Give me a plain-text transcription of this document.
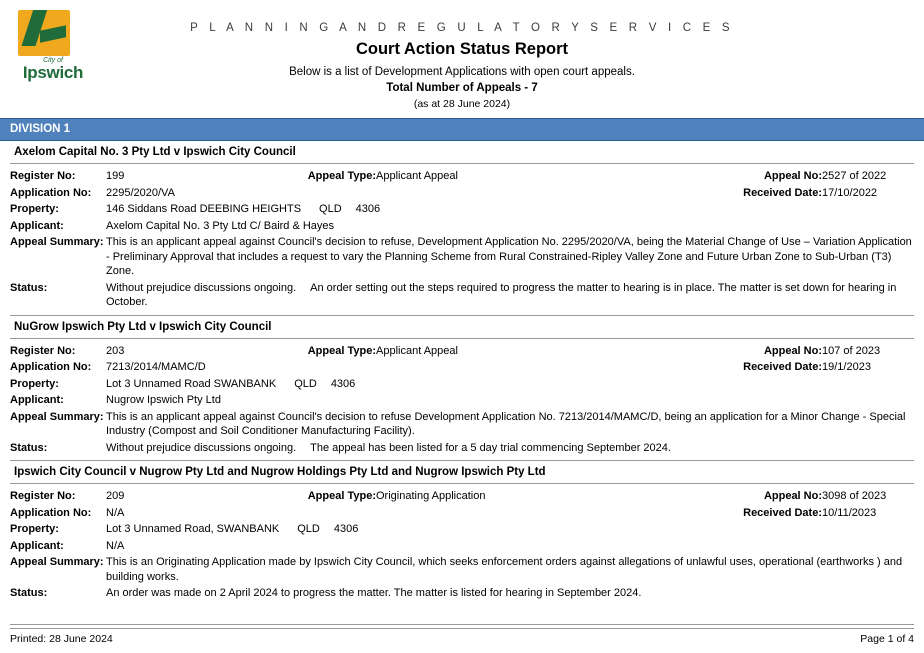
City of
Ipswich
P L A N N I N G A N D R E G U L A T O R Y S E R V I C E S
Court Action Status Report
Below is a list of Development Applications with open court appeals.
Total Number of Appeals - 7
(as at 28 June 2024)
DIVISION 1
Axelom Capital No. 3 Pty Ltd v Ipswich City Council
Register No:	199	Appeal Type:	Applicant Appeal	Appeal No:	2527 of 2022
Application No:	2295/2020/VA			Received Date:	17/10/2022
Property:	146 Siddans Road DEEBING HEIGHTS QLD 4306				
Applicant:	Axelom Capital No. 3 Pty Ltd C/ Baird & Hayes				
Appeal Summary:	This is an applicant appeal against Council's decision to refuse, Development Application No. 2295/2020/VA, being the Material Change of Use – Variation Application - Preliminary Approval that includes a request to vary the Planning Scheme from Rural Constrained-Ripley Valley Zone and Future Urban Zone to Sub-Urban (T3) Zone.				
Status:	Without prejudice discussions ongoing. An order setting out the steps required to progress the matter to hearing is in place. The matter is set down for hearing in October.				
NuGrow Ipswich Pty Ltd v Ipswich City Council
Register No:	203	Appeal Type:	Applicant Appeal	Appeal No:	107 of 2023
Application No:	7213/2014/MAMC/D			Received Date:	19/1/2023
Property:	Lot 3 Unnamed Road SWANBANK QLD 4306				
Applicant:	Nugrow Ipswich Pty Ltd				
Appeal Summary:	This is an applicant appeal against Council's decision to refuse Development Application No. 7213/2014/MAMC/D, being an application for a Minor Change - Special Industry (Compost and Soil Conditioner Manufacturing Facility).				
Status:	Without prejudice discussions ongoing. The appeal has been listed for a 5 day trial commencing September 2024.				
Ipswich City Council v Nugrow Pty Ltd and Nugrow Holdings Pty Ltd and Nugrow Ipswich Pty Ltd
Register No:	209	Appeal Type:	Originating Application	Appeal No:	3098 of 2023
Application No:	N/A			Received Date:	10/11/2023
Property:	Lot 3 Unnamed Road, SWANBANK QLD 4306				
Applicant:	N/A				
Appeal Summary:	This is an Originating Application made by Ipswich City Council, which seeks enforcement orders against allegations of unlawful uses, operational (earthworks ) and building works.				
Status:	An order was made on 2 April 2024 to progress the matter. The matter is listed for hearing in September 2024.				
Printed: 28 June 2024	Page 1 of 4
